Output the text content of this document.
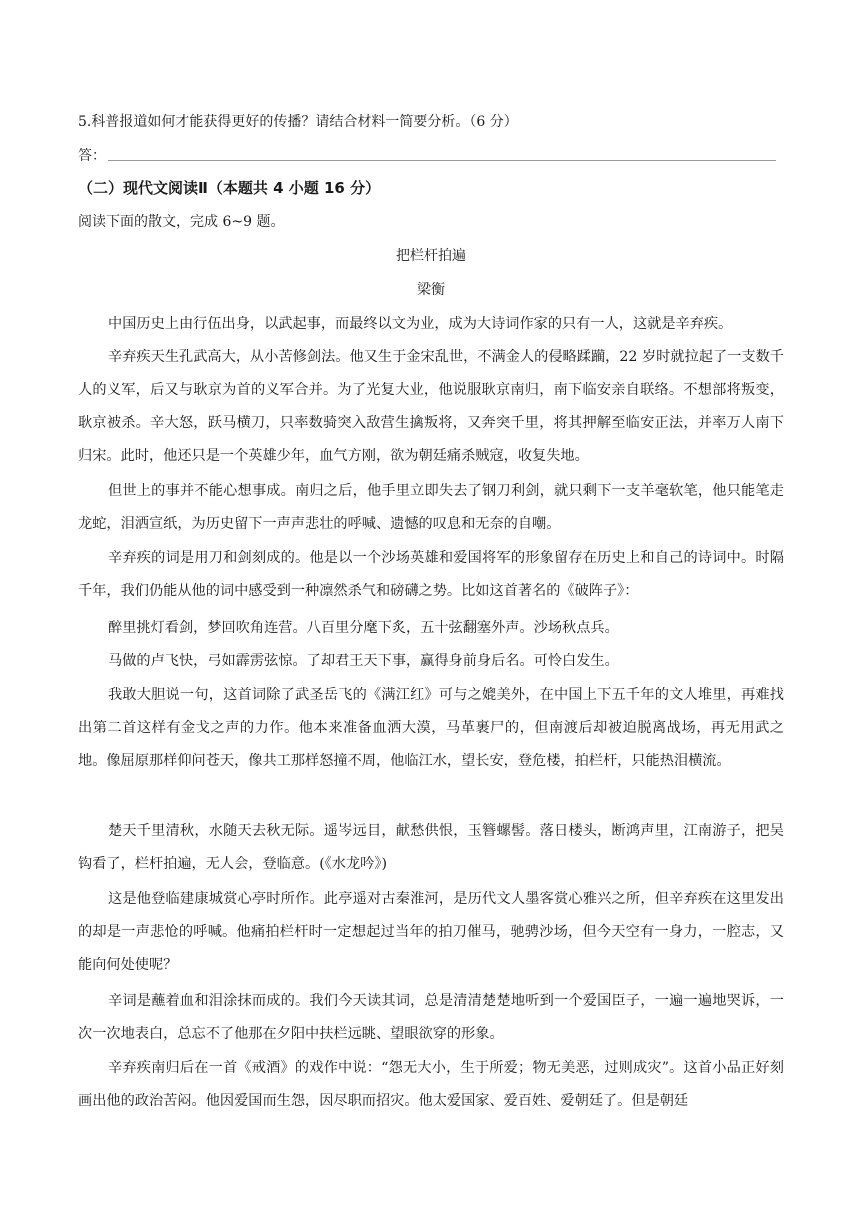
5.科普报道如何才能获得更好的传播？请结合材料一简要分析。（6 分）
答：
（二）现代文阅读Ⅱ（本题共 4 小题 16 分）
阅读下面的散文，完成 6~9 题。
把栏杆拍遍
梁衡
中国历史上由行伍出身，以武起事，而最终以文为业，成为大诗词作家的只有一人，这就是辛弃疾。
辛弃疾天生孔武高大，从小苦修剑法。他又生于金宋乱世，不满金人的侵略蹂躏，22 岁时就拉起了一支数千人的义军，后又与耿京为首的义军合并。为了光复大业，他说服耿京南归，南下临安亲自联络。不想部将叛变，耿京被杀。辛大怒，跃马横刀，只率数骑突入敌营生擒叛将，又奔突千里，将其押解至临安正法，并率万人南下归宋。此时，他还只是一个英雄少年，血气方刚，欲为朝廷痛杀贼寇，收复失地。
但世上的事并不能心想事成。南归之后，他手里立即失去了钢刀利剑，就只剩下一支羊毫软笔，他只能笔走龙蛇，泪洒宣纸，为历史留下一声声悲壮的呼喊、遗憾的叹息和无奈的自嘲。
辛弃疾的词是用刀和剑刻成的。他是以一个沙场英雄和爱国将军的形象留存在历史上和自己的诗词中。时隔千年，我们仍能从他的词中感受到一种凛然杀气和磅礴之势。比如这首著名的《破阵子》：
醉里挑灯看剑，梦回吹角连营。八百里分麾下炙，五十弦翻塞外声。沙场秋点兵。
马做的卢飞快，弓如霹雳弦惊。了却君王天下事，赢得身前身后名。可怜白发生。
我敢大胆说一句，这首词除了武圣岳飞的《满江红》可与之媲美外，在中国上下五千年的文人堆里，再难找出第二首这样有金戈之声的力作。他本来准备血洒大漠，马革裹尸的，但南渡后却被迫脱离战场，再无用武之地。像屈原那样仰问苍天，像共工那样怒撞不周，他临江水，望长安，登危楼，拍栏杆，只能热泪横流。
楚天千里清秋，水随天去秋无际。遥岑远目，献愁供恨，玉簪螺髻。落日楼头，断鸿声里，江南游子，把吴钩看了，栏杆拍遍，无人会，登临意。(《水龙吟》)
这是他登临建康城赏心亭时所作。此亭遥对古秦淮河，是历代文人墨客赏心雅兴之所，但辛弃疾在这里发出的却是一声悲怆的呼喊。他痛拍栏杆时一定想起过当年的拍刀催马，驰骋沙场，但今天空有一身力，一腔志，又能向何处使呢？
辛词是蘸着血和泪涂抹而成的。我们今天读其词，总是清清楚楚地听到一个爱国臣子，一遍一遍地哭诉，一次一次地表白，总忘不了他那在夕阳中扶栏远眺、望眼欲穿的形象。
辛弃疾南归后在一首《戒酒》的戏作中说：“怨无大小，生于所爱；物无美恶，过则成灾”。这首小品正好刻画出他的政治苦闷。他因爱国而生怨，因尽职而招灾。他太爱国家、爱百姓、爱朝廷了。但是朝廷
